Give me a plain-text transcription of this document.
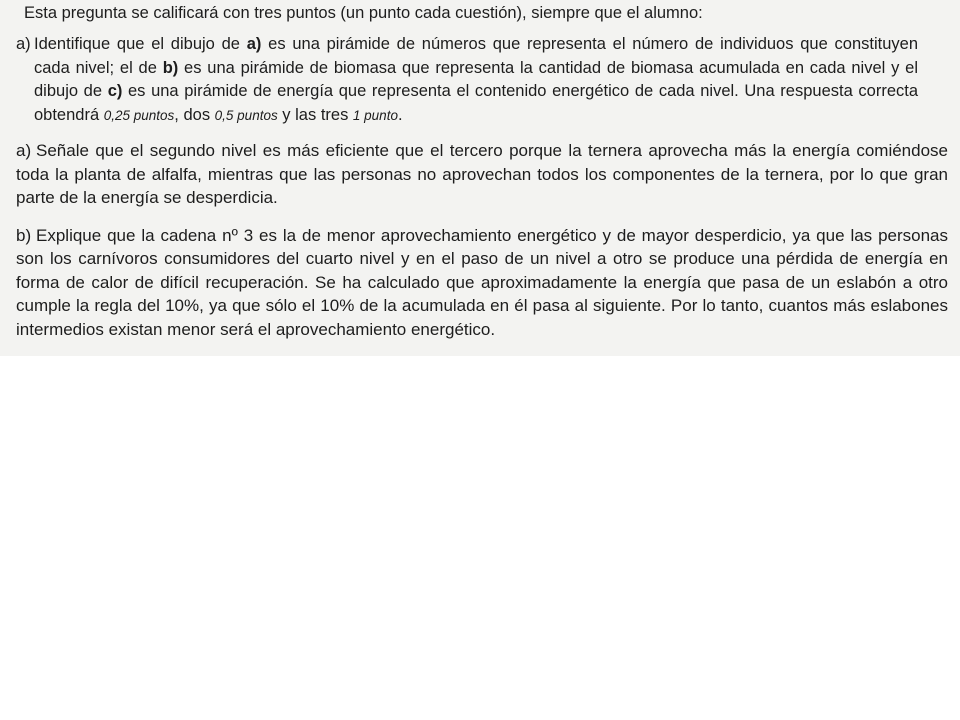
Esta pregunta se calificará con tres puntos (un punto cada cuestión), siempre que el alumno:
a) Identifique que el dibujo de a) es una pirámide de números que representa el número de individuos que constituyen cada nivel; el de b) es una pirámide de biomasa que representa la cantidad de biomasa acumulada en cada nivel y el dibujo de c) es una pirámide de energía que representa el contenido energético de cada nivel. Una respuesta correcta obtendrá 0,25 puntos, dos 0,5 puntos y las tres 1 punto.
a) Señale que el segundo nivel es más eficiente que el tercero porque la ternera aprovecha más la energía comiéndose toda la planta de alfalfa, mientras que las personas no aprovechan todos los componentes de la ternera, por lo que gran parte de la energía se desperdicia.
b) Explique que la cadena nº 3 es la de menor aprovechamiento energético y de mayor desperdicio, ya que las personas son los carnívoros consumidores del cuarto nivel y en el paso de un nivel a otro se produce una pérdida de energía en forma de calor de difícil recuperación. Se ha calculado que aproximadamente la energía que pasa de un eslabón a otro cumple la regla del 10%, ya que sólo el 10% de la acumulada en él pasa al siguiente. Por lo tanto, cuantos más eslabones intermedios existan menor será el aprovechamiento energético.
